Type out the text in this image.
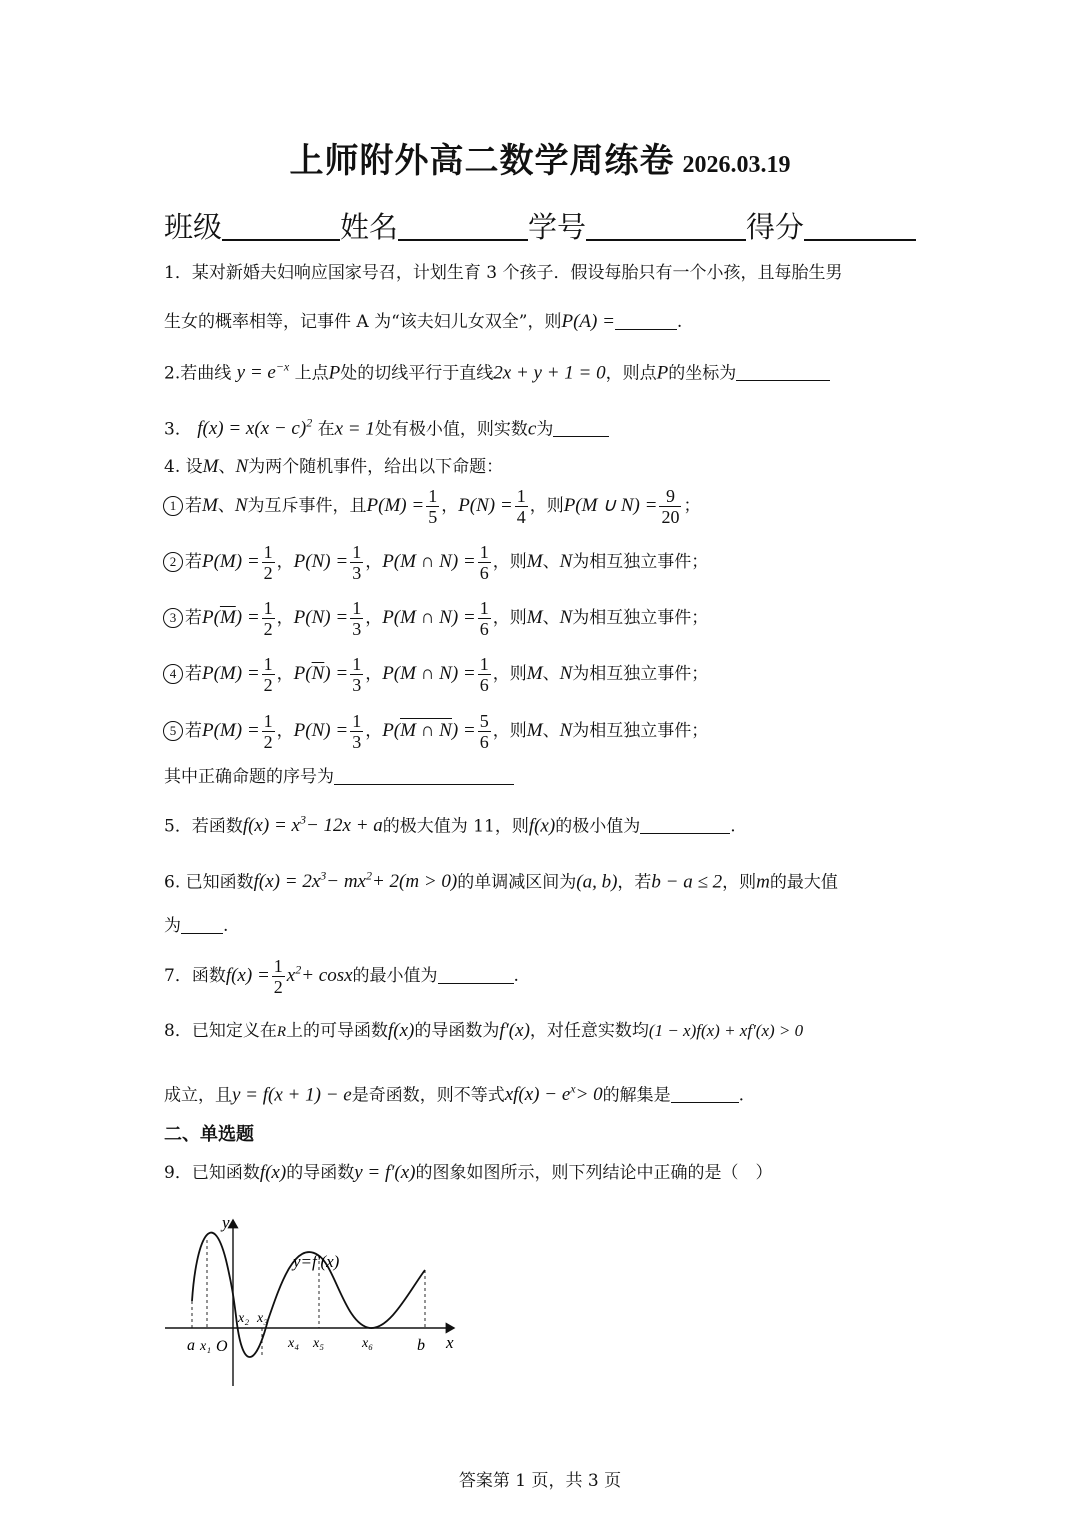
上师附外高二数学周练卷 2026.03.19
班级	姓名	学号	得分
1．某对新婚夫妇响应国家号召，计划生育 3 个孩子．假设每胎只有一个小孩，且每胎生男
生女的概率相等，记事件 A 为“该夫妇儿女双全”，则P(A) =	.
2.若曲线 $y = e^{-x}$ 上点P处的切线平行于直线2x + y + 1 = 0，则点P的坐标为
3． $f(x) = x(x - c)^2$ 在x = 1处有极小值，则实数c为
4. 设M、N为两个随机事件，给出以下命题：
1 若M、N为互斥事件，且$P(M) = \frac{1}{5}$ ，$P(N) = \frac{1}{4}$ ，则P(M ∪ $N) = \frac{9}{20}$ ；
2 若$P(M) = \frac{1}{2}$ ，$P(N) = \frac{1}{3}$ ，P(M ∩ $N) = \frac{1}{6}$ ，则M、N为相互独立事件；
3 若$P(\overline{M}) = \frac{1}{2}$ ，$P(N) = \frac{1}{3}$ ，P(M ∩ $N) = \frac{1}{6}$ ，则M、N为相互独立事件；
4 若$P(M) = \frac{1}{2}$ ，$P(\overline{N}) = \frac{1}{3}$ ，P(M ∩ $N) = \frac{1}{6}$ ，则M、N为相互独立事件；
5 若$P(M) = \frac{1}{2}$ ，$P(N) = \frac{1}{3}$ ，P(M ∩ $N) = \frac{5}{6}$ ，则M、N为相互独立事件；
其中正确命题的序号为
5．若函数$f(x) = x^3- 12x + a$的极大值为 11，则f(x)的极小值为	.
6. 已知函数$f(x) = 2x^3- mx^2+ 2(m > 0)$的单调减区间为(a, b)，若b − a ≤ 2，则m的最大值
为 .
7．函数$f(x) = \frac{1}{2} x^2+ \cos x$的最小值为	.
8．已知定义在R上的可导函数f(x)的导函数为f′(x)，对任意实数均(1 − x)f(x) + xf′(x) > 0
成立，且y = f(x + 1) − e是奇函数，则不等式$xf(x) - e^x> 0$的解集是	.
二、单选题
9．已知函数f(x)的导函数y = f′(x)的图象如图所示，则下列结论中正确的是（　）
y
x
y=f′(x)
a x₁ O
x₂ x₃
x₄ x₅	x₆	b
答案第 1 页，共 3 页
